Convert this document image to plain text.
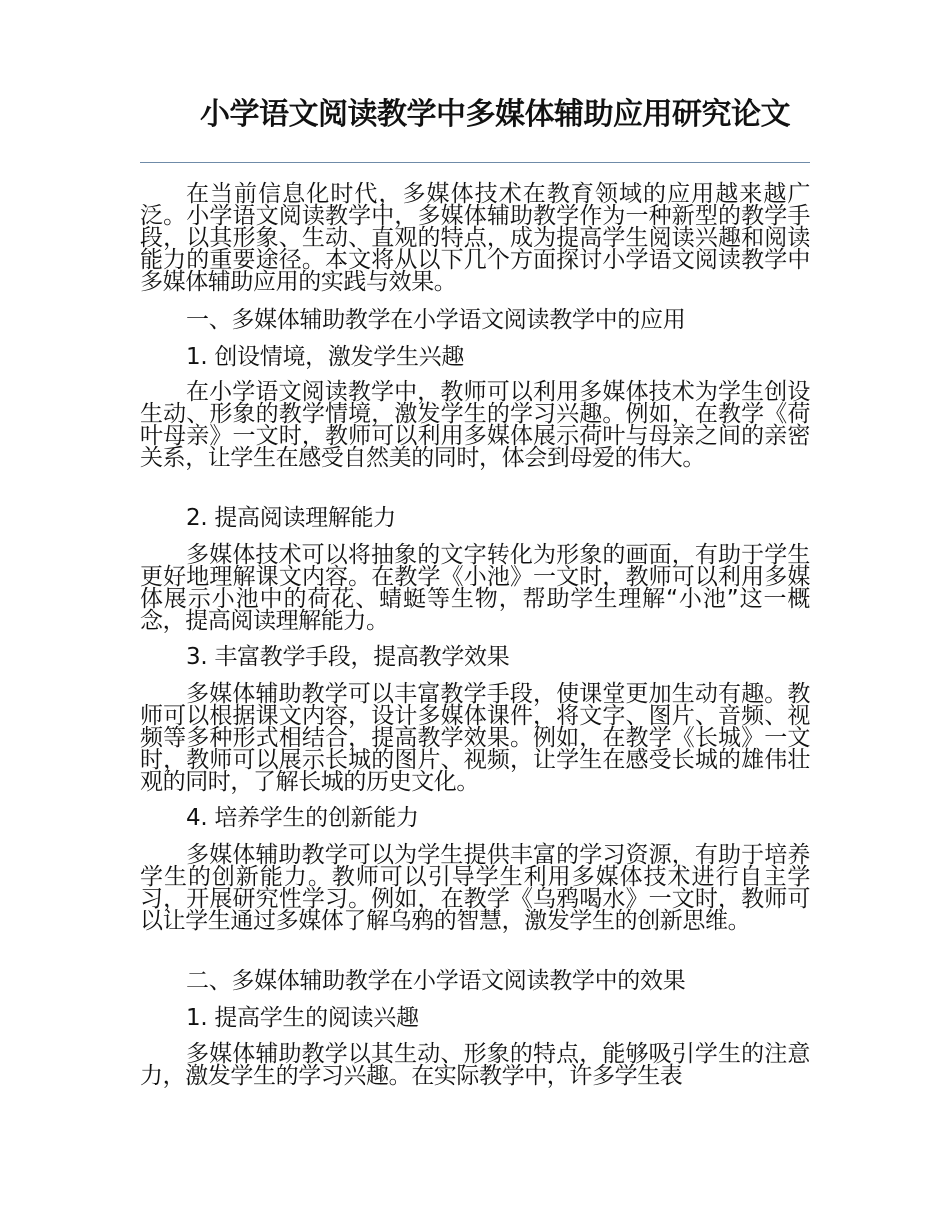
小学语文阅读教学中多媒体辅助应用研究论文

在当前信息化时代，多媒体技术在教育领域的应用越来越广泛。小学语文阅读教学中，多媒体辅助教学作为一种新型的教学手段，以其形象、生动、直观的特点，成为提高学生阅读兴趣和阅读能力的重要途径。本文将从以下几个方面探讨小学语文阅读教学中多媒体辅助应用的实践与效果。

一、多媒体辅助教学在小学语文阅读教学中的应用
1. 创设情境，激发学生兴趣

在小学语文阅读教学中，教师可以利用多媒体技术为学生创设生动、形象的教学情境，激发学生的学习兴趣。例如，在教学《荷叶母亲》一文时，教师可以利用多媒体展示荷叶与母亲之间的亲密关系，让学生在感受自然美的同时，体会到母爱的伟大。

2. 提高阅读理解能力

多媒体技术可以将抽象的文字转化为形象的画面，有助于学生更好地理解课文内容。在教学《小池》一文时，教师可以利用多媒体展示小池中的荷花、蜻蜓等生物，帮助学生理解“小池”这一概念，提高阅读理解能力。

3. 丰富教学手段，提高教学效果

多媒体辅助教学可以丰富教学手段，使课堂更加生动有趣。教师可以根据课文内容，设计多媒体课件，将文字、图片、音频、视频等多种形式相结合，提高教学效果。例如，在教学《长城》一文时，教师可以展示长城的图片、视频，让学生在感受长城的雄伟壮观的同时，了解长城的历史文化。

4. 培养学生的创新能力

多媒体辅助教学可以为学生提供丰富的学习资源，有助于培养学生的创新能力。教师可以引导学生利用多媒体技术进行自主学习，开展研究性学习。例如，在教学《乌鸦喝水》一文时，教师可以让学生通过多媒体了解乌鸦的智慧，激发学生的创新思维。

二、多媒体辅助教学在小学语文阅读教学中的效果
1. 提高学生的阅读兴趣

多媒体辅助教学以其生动、形象的特点，能够吸引学生的注意力，激发学生的学习兴趣。在实际教学中，许多学生表
